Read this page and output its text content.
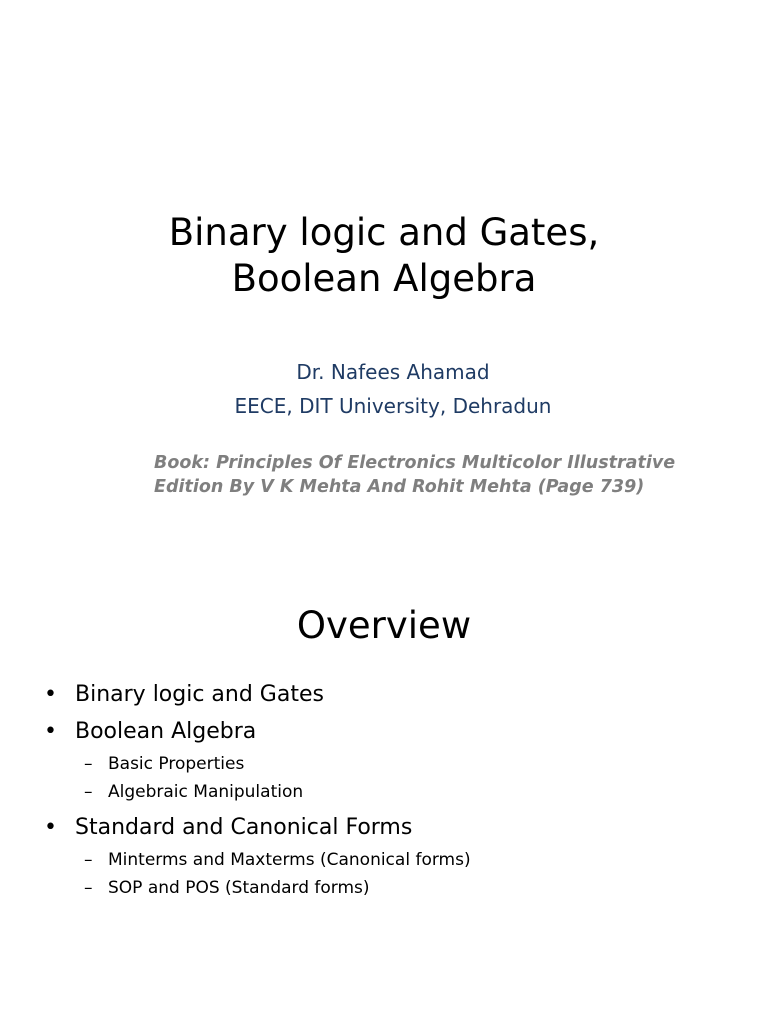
Binary logic and Gates,
Boolean Algebra
Dr. Nafees Ahamad
EECE, DIT University, Dehradun

Book: Principles Of Electronics Multicolor Illustrative Edition By V K Mehta And Rohit Mehta (Page 739)

Overview
• Binary logic and Gates
• Boolean Algebra
– Basic Properties
– Algebraic Manipulation
• Standard and Canonical Forms
– Minterms and Maxterms (Canonical forms)
– SOP and POS (Standard forms)
